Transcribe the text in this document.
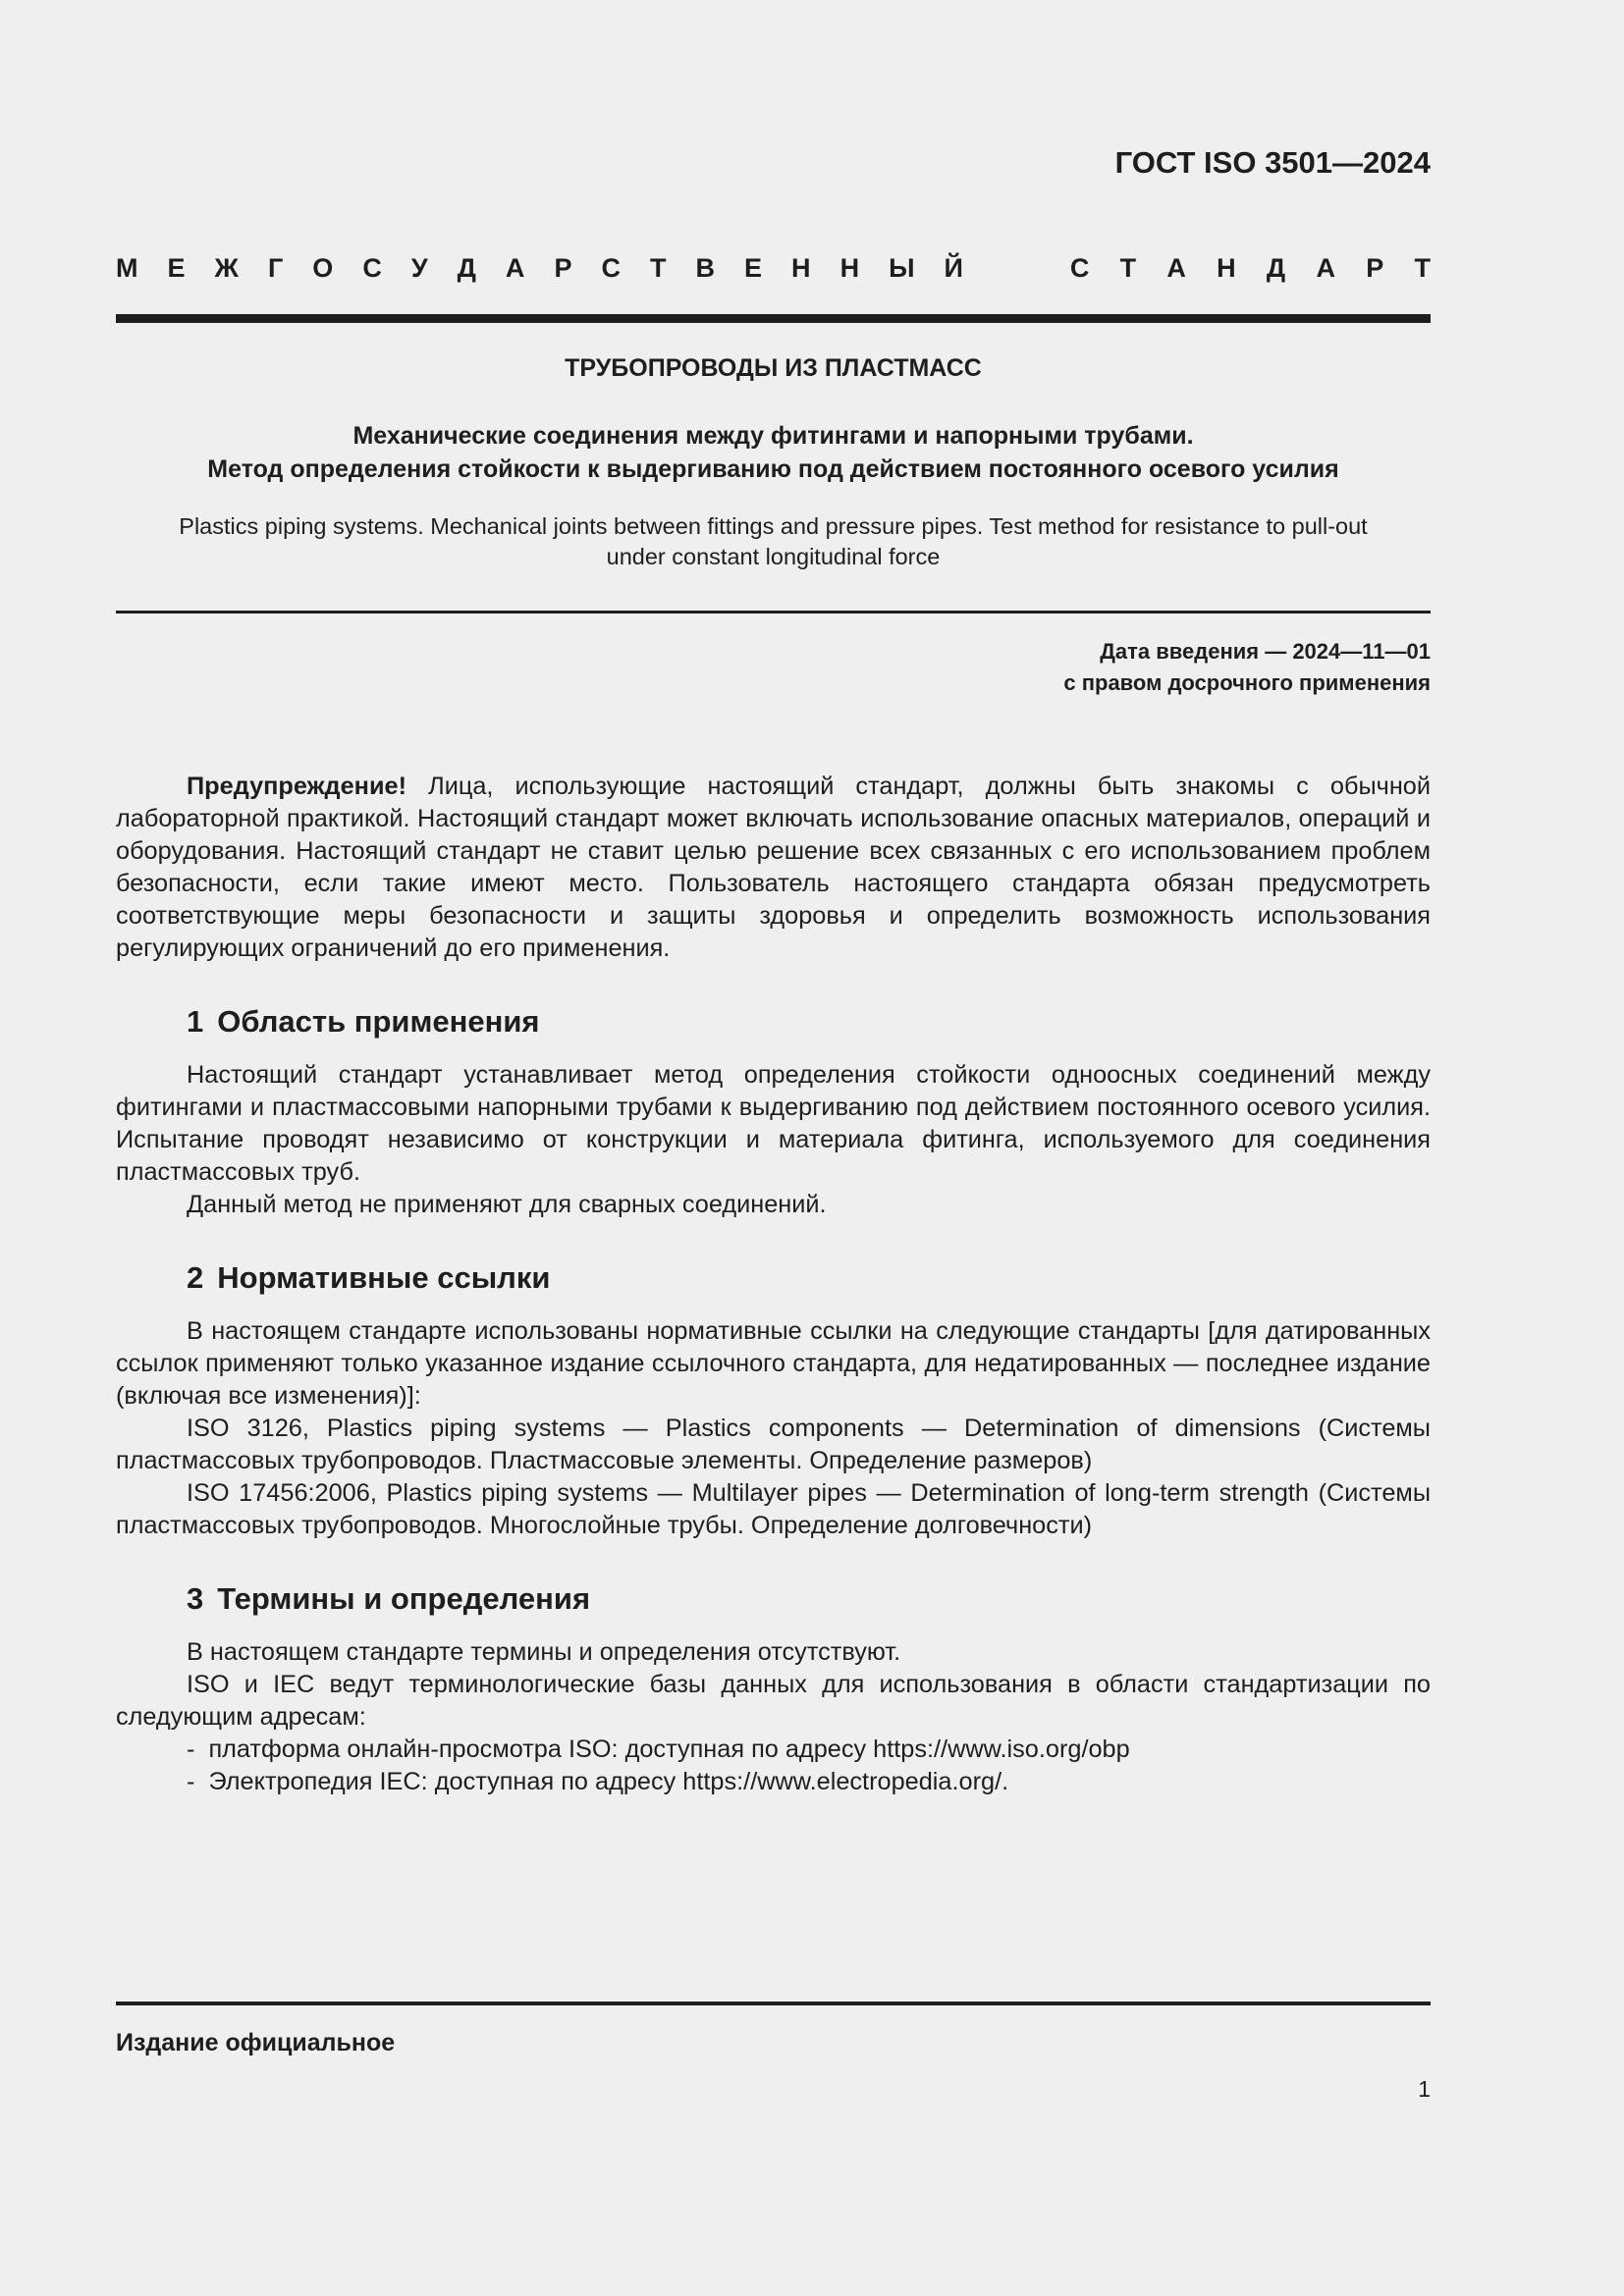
ГОСТ ISO 3501—2024
М Е Ж Г О С У Д А Р С Т В Е Н Н Ы Й	С Т А Н Д А Р Т
ТРУБОПРОВОДЫ ИЗ ПЛАСТМАСС
Механические соединения между фитингами и напорными трубами.
Метод определения стойкости к выдергиванию под действием постоянного осевого усилия
Plastics piping systems. Mechanical joints between fittings and pressure pipes. Test method for resistance to pull-out
under constant longitudinal force
Дата введения — 2024—11—01
с правом досрочного применения

Предупреждение! Лица, использующие настоящий стандарт, должны быть знакомы с обычной лабораторной практикой. Настоящий стандарт может включать использование опасных материалов, операций и оборудования. Настоящий стандарт не ставит целью решение всех связанных с его использованием проблем безопасности, если такие имеют место. Пользователь настоящего стандарта обязан предусмотреть соответствующие меры безопасности и защиты здоровья и определить возможность использования регулирующих ограничений до его применения.

1 Область применения

Настоящий стандарт устанавливает метод определения стойкости одноосных соединений между фитингами и пластмассовыми напорными трубами к выдергиванию под действием постоянного осевого усилия. Испытание проводят независимо от конструкции и материала фитинга, используемого для соединения пластмассовых труб.

Данный метод не применяют для сварных соединений.

2 Нормативные ссылки

В настоящем стандарте использованы нормативные ссылки на следующие стандарты [для датированных ссылок применяют только указанное издание ссылочного стандарта, для недатированных — последнее издание (включая все изменения)]:

ISO 3126, Plastics piping systems — Plastics components — Determination of dimensions (Системы пластмассовых трубопроводов. Пластмассовые элементы. Определение размеров)

ISO 17456:2006, Plastics piping systems — Multilayer pipes — Determination of long-term strength (Системы пластмассовых трубопроводов. Многослойные трубы. Определение долговечности)

3 Термины и определения

В настоящем стандарте термины и определения отсутствуют.

ISO и IEC ведут терминологические базы данных для использования в области стандартизации по следующим адресам:

- платформа онлайн-просмотра ISO: доступная по адресу https://www.iso.org/obp
- Электропедия IEC: доступная по адресу https://www.electropedia.org/.
Издание официальное
1
